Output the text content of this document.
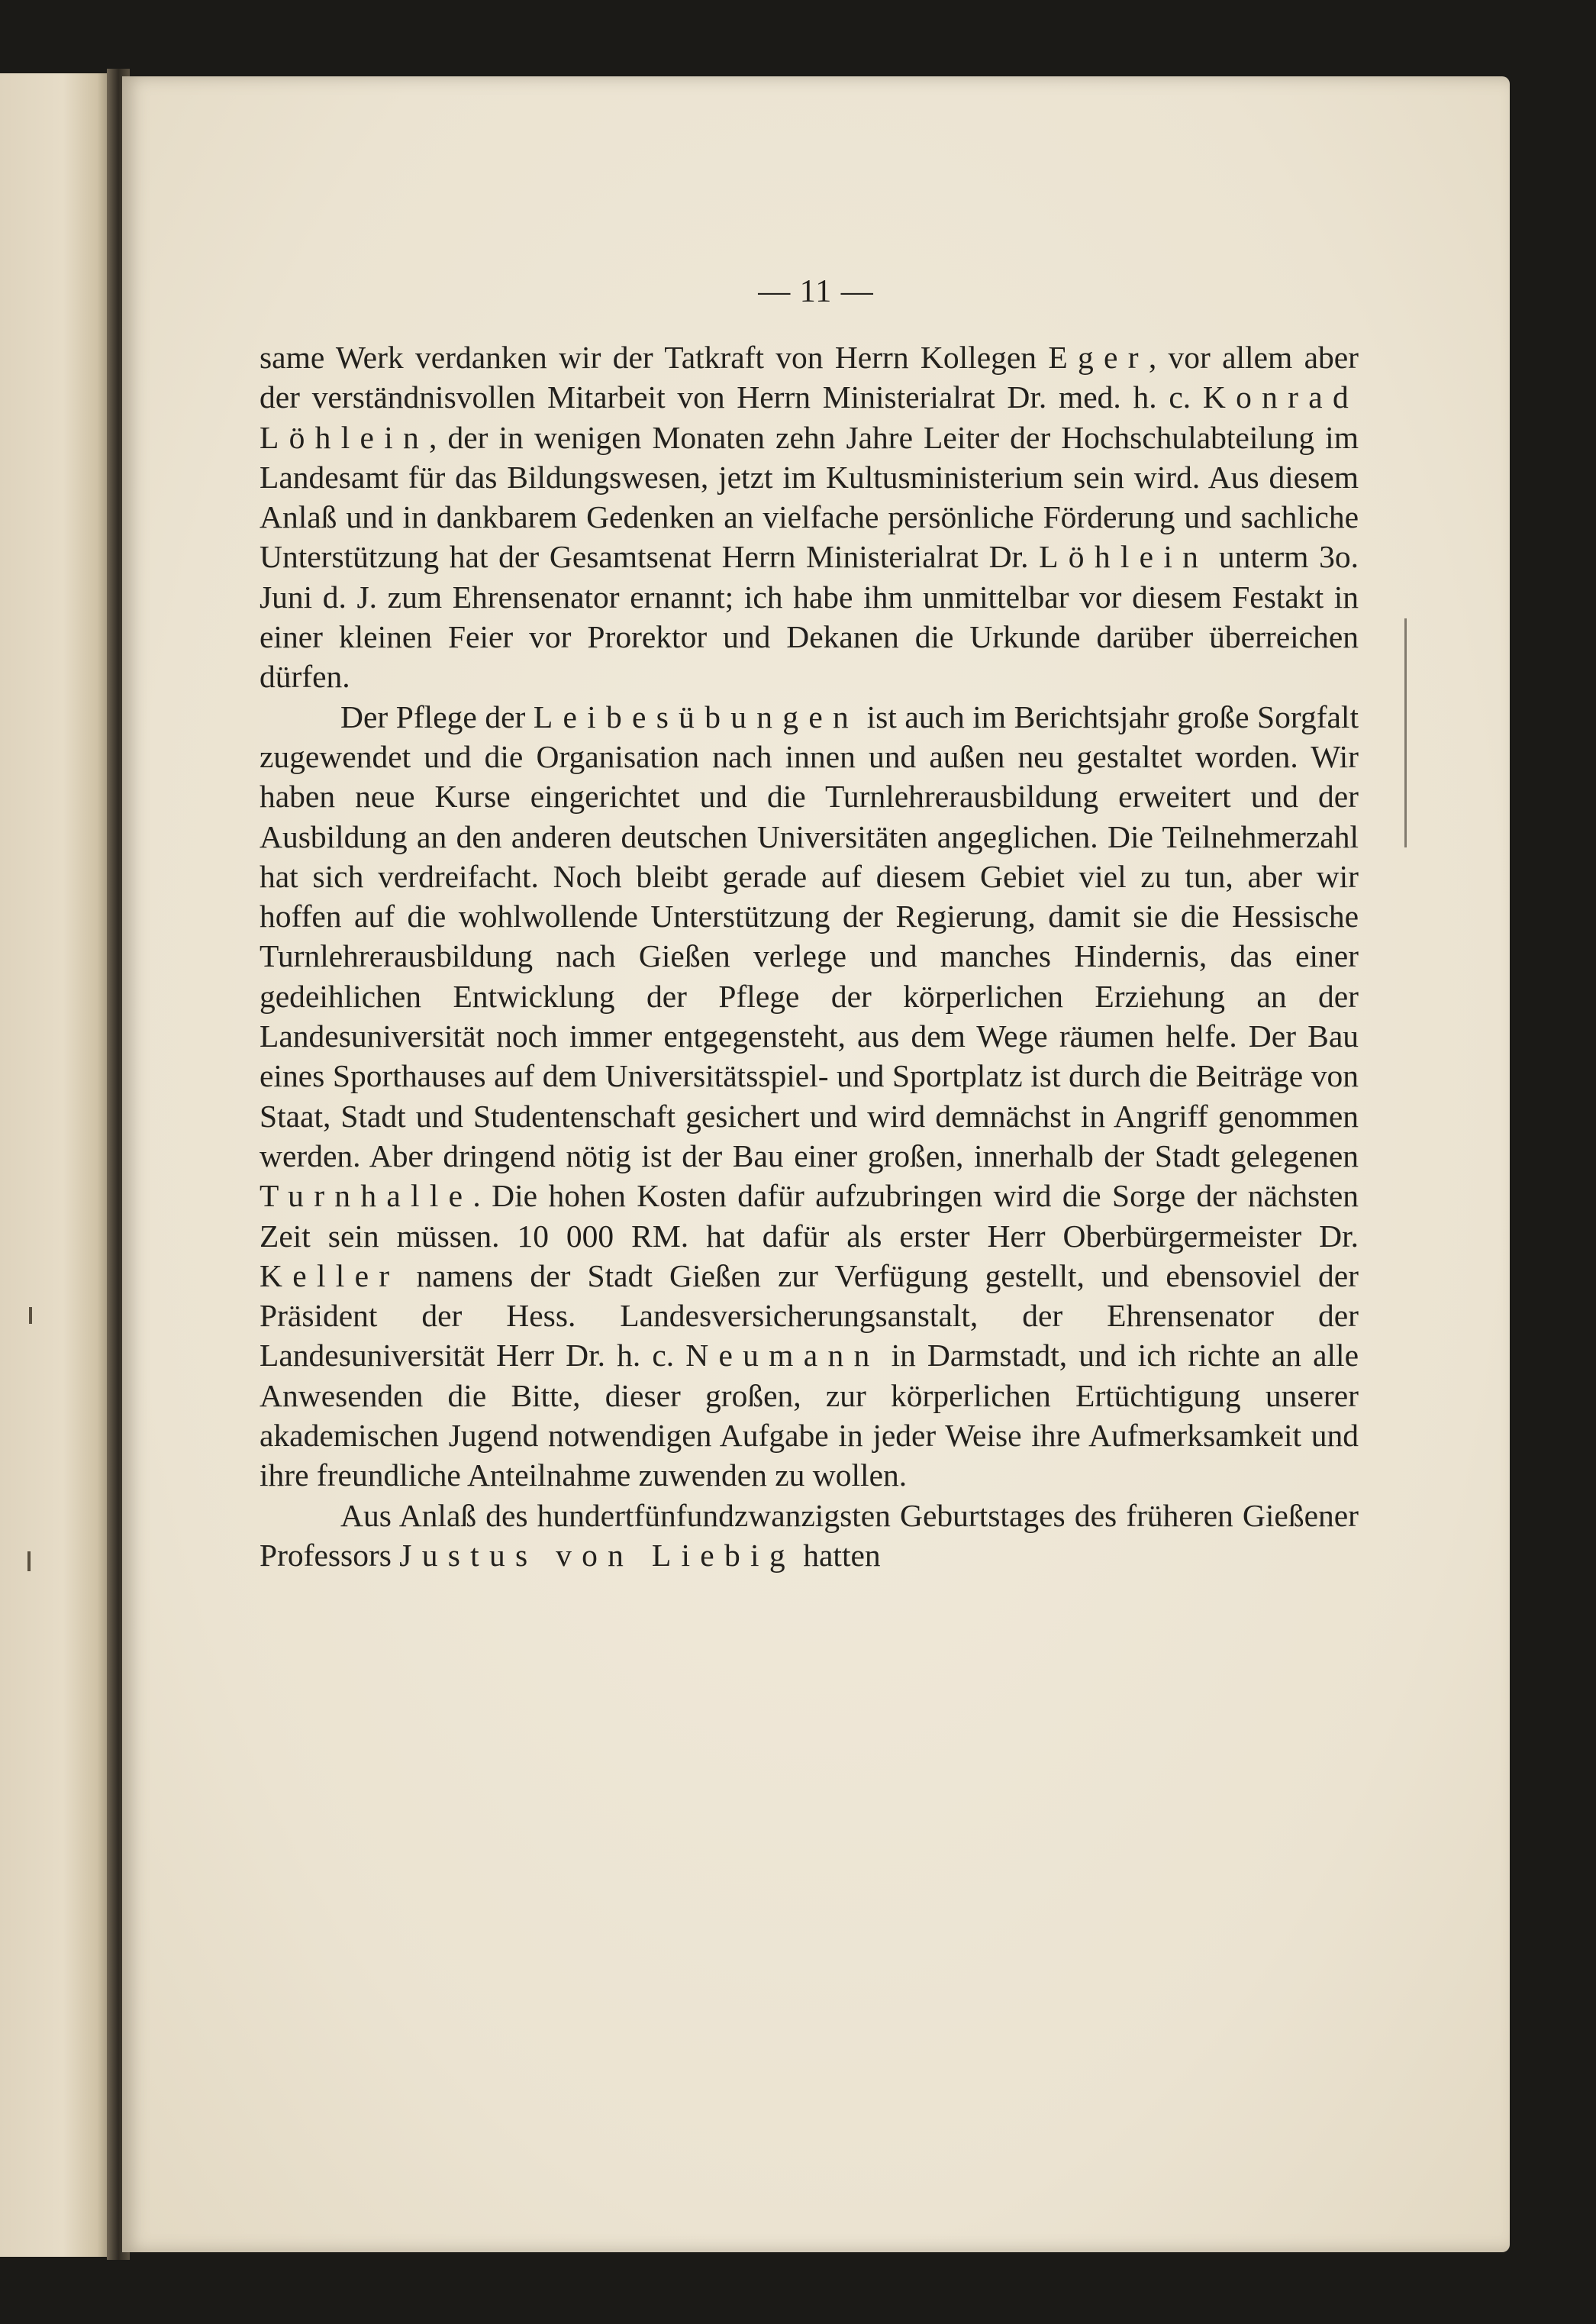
— 11 —

same Werk verdanken wir der Tatkraft von Herrn Kollegen Eger, vor allem aber der verständnisvollen Mitarbeit von Herrn Ministerialrat Dr. med. h. c. Konrad Löhlein, der in wenigen Monaten zehn Jahre Leiter der Hochschulabteilung im Landesamt für das Bildungswesen, jetzt im Kultusministerium sein wird. Aus diesem Anlaß und in dankbarem Gedenken an vielfache persönliche Förderung und sachliche Unterstützung hat der Gesamtsenat Herrn Ministerialrat Dr. Löhlein unterm 3o. Juni d. J. zum Ehrensenator ernannt; ich habe ihm unmittelbar vor diesem Festakt in einer kleinen Feier vor Prorektor und Dekanen die Urkunde darüber überreichen dürfen.

Der Pflege der Leibesübungen ist auch im Berichtsjahr große Sorgfalt zugewendet und die Organisation nach innen und außen neu gestaltet worden. Wir haben neue Kurse eingerichtet und die Turnlehrerausbildung erweitert und der Ausbildung an den anderen deutschen Universitäten angeglichen. Die Teilnehmerzahl hat sich verdreifacht. Noch bleibt gerade auf diesem Gebiet viel zu tun, aber wir hoffen auf die wohlwollende Unterstützung der Regierung, damit sie die Hessische Turnlehrerausbildung nach Gießen verlege und manches Hindernis, das einer gedeihlichen Entwicklung der Pflege der körperlichen Erziehung an der Landesuniversität noch immer entgegensteht, aus dem Wege räumen helfe. Der Bau eines Sporthauses auf dem Universitätsspiel- und Sportplatz ist durch die Beiträge von Staat, Stadt und Studentenschaft gesichert und wird demnächst in Angriff genommen werden. Aber dringend nötig ist der Bau einer großen, innerhalb der Stadt gelegenen Turnhalle. Die hohen Kosten dafür aufzubringen wird die Sorge der nächsten Zeit sein müssen. 10 000 RM. hat dafür als erster Herr Oberbürgermeister Dr. Keller namens der Stadt Gießen zur Verfügung gestellt, und ebensoviel der Präsident der Hess. Landesversicherungsanstalt, der Ehrensenator der Landesuniversität Herr Dr. h. c. Neumann in Darmstadt, und ich richte an alle Anwesenden die Bitte, dieser großen, zur körperlichen Ertüchtigung unserer akademischen Jugend notwendigen Aufgabe in jeder Weise ihre Aufmerksamkeit und ihre freundliche Anteilnahme zuwenden zu wollen.

Aus Anlaß des hundertfünfundzwanzigsten Geburtstages des früheren Gießener Professors Justus von Liebig hatten
